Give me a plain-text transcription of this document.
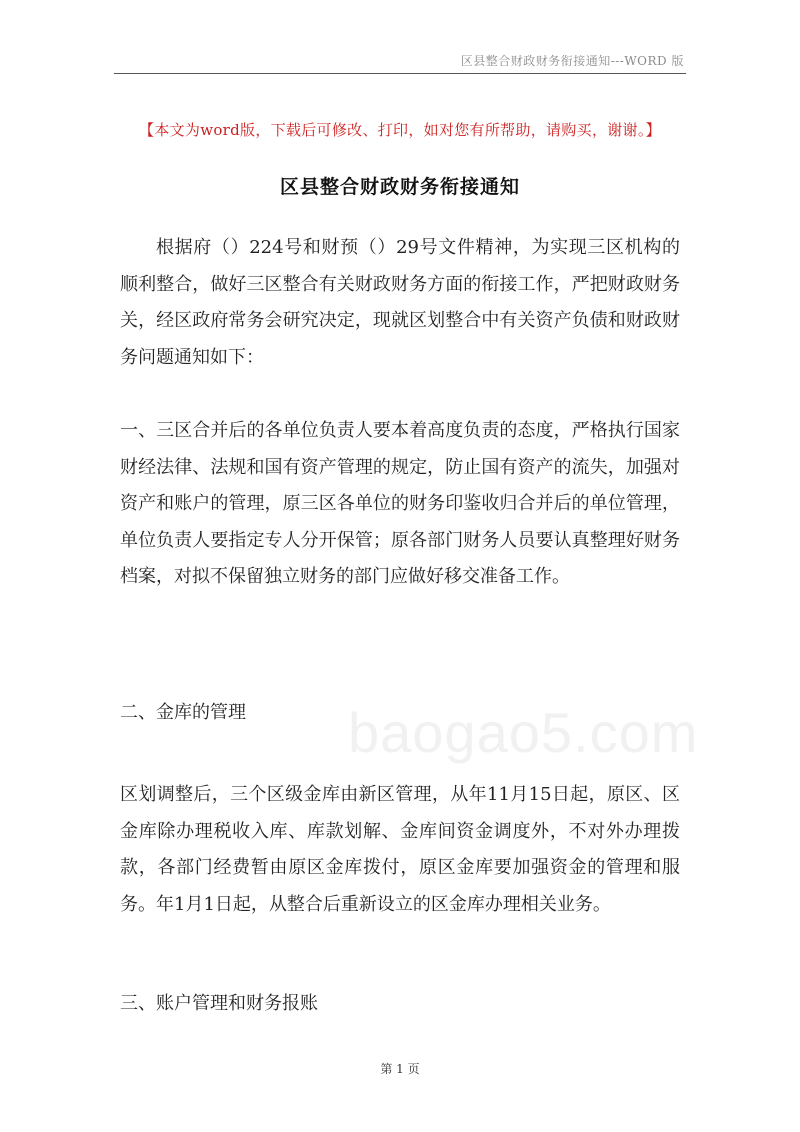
区县整合财政财务衔接通知---WORD 版
【本文为word版，下载后可修改、打印，如对您有所帮助，请购买，谢谢。】
区县整合财政财务衔接通知
baogao5.com

根据府（）224号和财预（）29号文件精神，为实现三区机构的顺利整合，做好三区整合有关财政财务方面的衔接工作，严把财政财务关，经区政府常务会研究决定，现就区划整合中有关资产负债和财政财务问题通知如下：

一、三区合并后的各单位负责人要本着高度负责的态度，严格执行国家财经法律、法规和国有资产管理的规定，防止国有资产的流失，加强对资产和账户的管理，原三区各单位的财务印鉴收归合并后的单位管理，单位负责人要指定专人分开保管；原各部门财务人员要认真整理好财务档案，对拟不保留独立财务的部门应做好移交准备工作。

二、金库的管理

区划调整后，三个区级金库由新区管理，从年11月15日起，原区、区金库除办理税收入库、库款划解、金库间资金调度外，不对外办理拨款，各部门经费暂由原区金库拨付，原区金库要加强资金的管理和服务。年1月1日起，从整合后重新设立的区金库办理相关业务。

三、账户管理和财务报账

第 1 页
